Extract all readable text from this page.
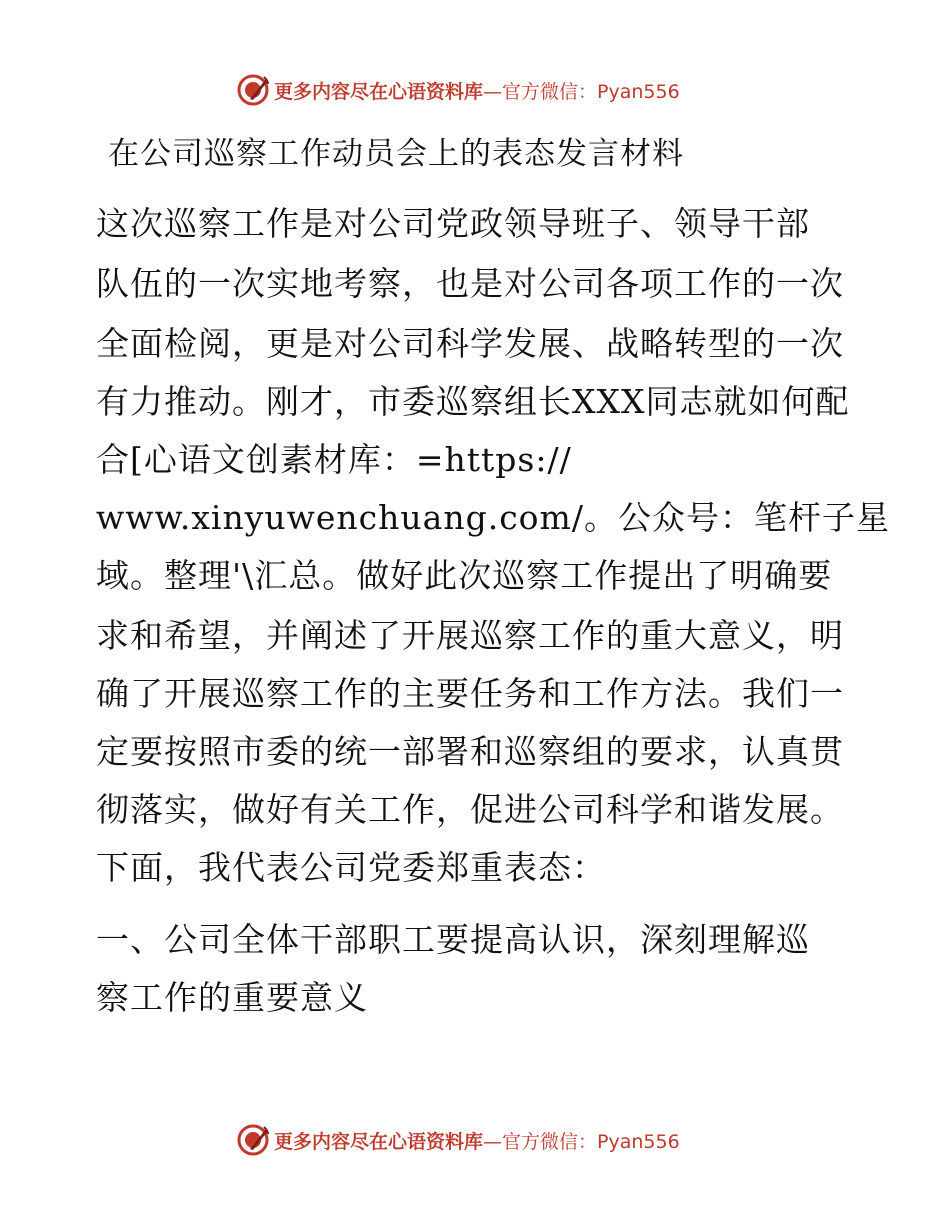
更多内容尽在心语资料库 —官方微信：Pyan556
在公司巡察工作动员会上的表态发言材料

这次巡察工作是对公司党政领导班子、领导干部

队伍的一次实地考察，也是对公司各项工作的一次

全面检阅，更是对公司科学发展、战略转型的一次

有力推动。刚才，市委巡察组长XXX同志就如何配

合[心语文创素材库：=https://

www.xinyuwenchuang.com/。公众号：笔杆子星

域。整理'\汇总。做好此次巡察工作提出了明确要

求和希望，并阐述了开展巡察工作的重大意义，明

确了开展巡察工作的主要任务和工作方法。我们一

定要按照市委的统一部署和巡察组的要求，认真贯

彻落实，做好有关工作，促进公司科学和谐发展。

下面，我代表公司党委郑重表态：

一、公司全体干部职工要提高认识，深刻理解巡

察工作的重要意义

更多内容尽在心语资料库 —官方微信：Pyan556
